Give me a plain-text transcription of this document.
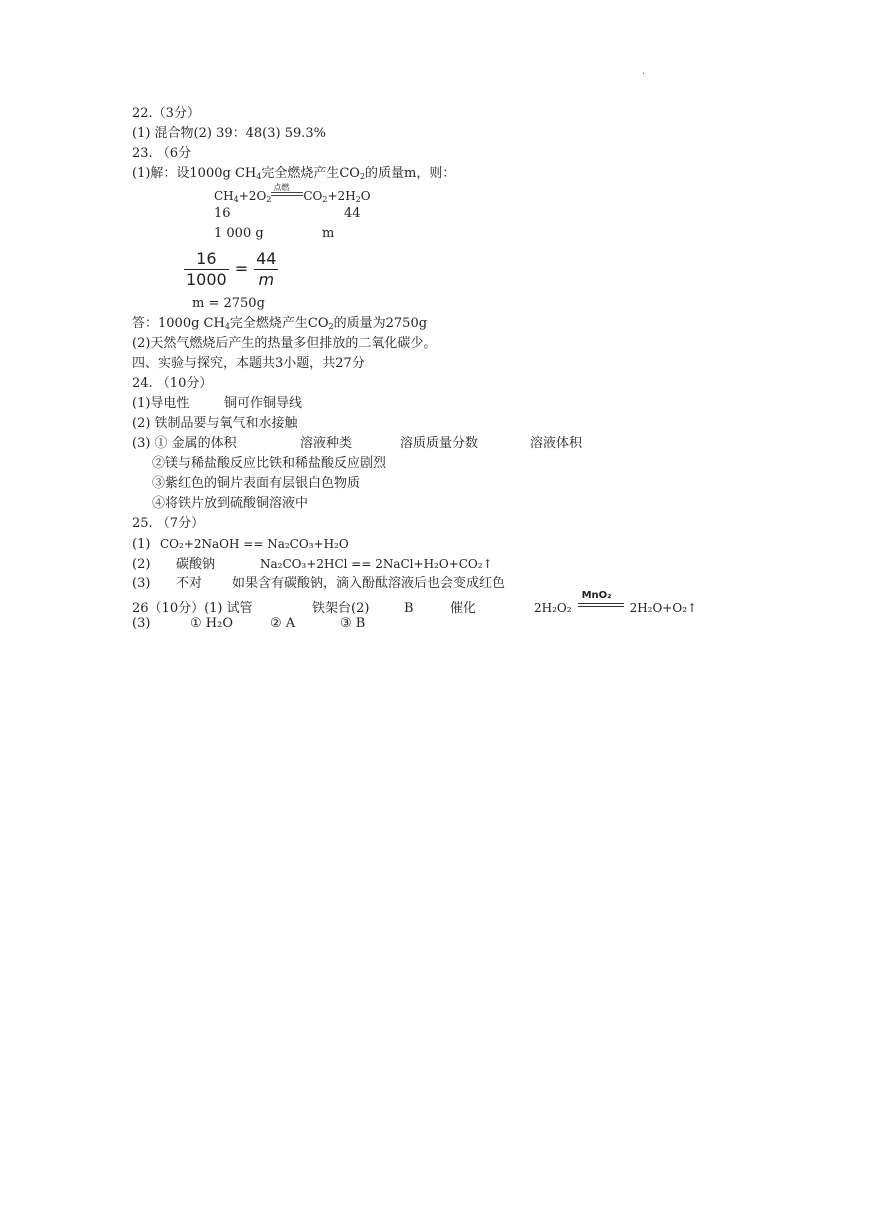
.
22.（3分）
(1) 混合物(2) 39：48(3) 59.3%
23. （6分
(1)解：设1000g $CH_4$完全燃烧产生$CO_2$的质量m，则：
$CH_4+2O_2$
点燃
$CO_2+2H_2O$
16	44
1 000 g	m
$\frac{16}{1000} = \frac{44}{m}$
m = 2750g
答：1000g $CH_4$完全燃烧产生$CO_2$的质量为2750g
(2)天然气燃烧后产生的热量多但排放的二氧化碳少。
四、实验与探究，本题共3小题，共27分
24. （10分）
(1)导电性	铜可作铜导线
(2) 铁制品要与氧气和水接触
(3) ① 金属的体积	溶液种类	溶质质量分数	溶液体积
②镁与稀盐酸反应比铁和稀盐酸反应剧烈
③紫红色的铜片表面有层银白色物质
④将铁片放到硫酸铜溶液中
25. （7分）
(1) CO₂+2NaOH == Na₂CO₃+H₂O
(2) 碳酸钠	Na₂CO₃+2HCl == 2NaCl+H₂O+CO₂↑
(3) 不对 如果含有碳酸钠，滴入酚酞溶液后也会变成红色
26（10分）(1) 试管	铁架台(2)	B	催化	2H₂O₂
MnO₂
2H₂O+O₂↑
(3)	① H₂O	② A	③ B
